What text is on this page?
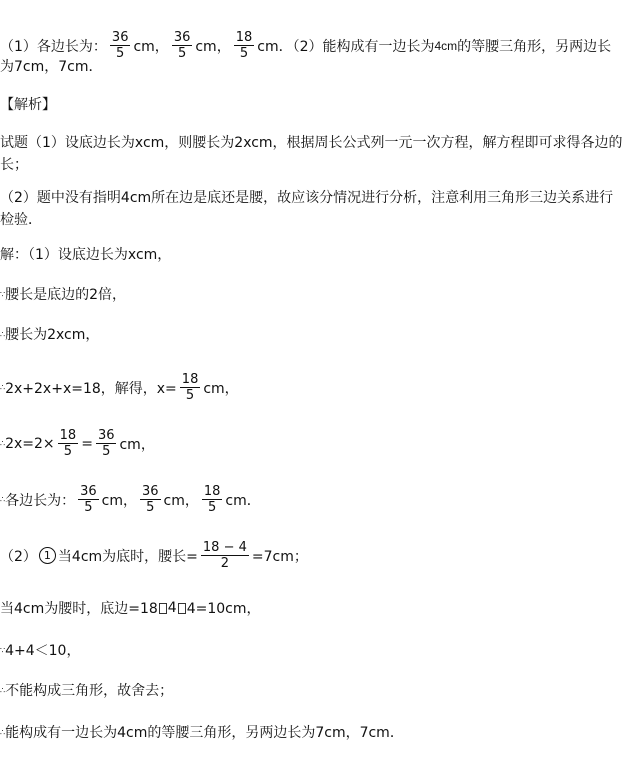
（1）各边长为： $\frac{36}{5}$ cm， $\frac{36}{5}$ cm， $\frac{18}{5}$ cm．（2）能构成有一边长为 4cm 的等腰三角形，另两边长
为7cm，7cm．
【解析】
试题（1）设底边长为xcm，则腰长为2xcm，根据周长公式列一元一次方程，解方程即可求得各边的长；
（2）题中没有指明4cm所在边是底还是腰，故应该分情况进行分析，注意利用三角形三边关系进行检验．
解：（1）设底边长为xcm，
∵ 腰长是底边的2倍，
∴ 腰长为2xcm，
∴ 2x+2x+x=18，解得，$x= \frac{18}{5}$ cm，
∴ $2x=2\times \frac{18}{5} = \frac{36}{5}$ cm，
∴ 各边长为： $\frac{36}{5}$ cm， $\frac{36}{5}$ cm， $\frac{18}{5}$ cm．
（2） 1 当4cm为底时，腰长= $\frac{18 - 4}{2} =7cm$；
当4cm为腰时，底边=18 4 4=10cm，
∵ 4+4＜10，
∴ 不能构成三角形，故舍去；
∴ 能构成有一边长为4cm的等腰三角形，另两边长为7cm，7cm．
